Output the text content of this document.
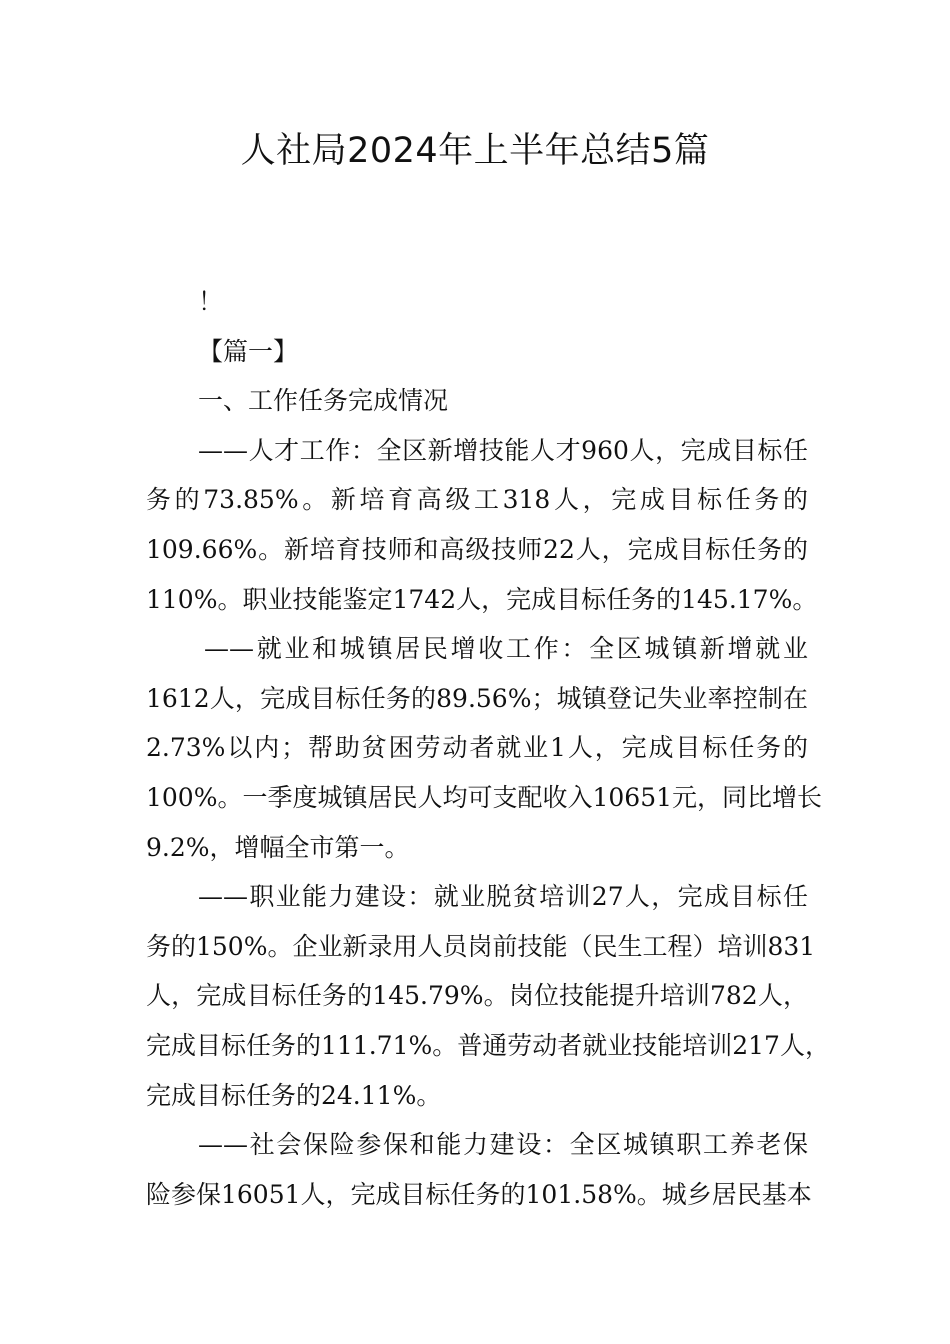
人社局2024年上半年总结5篇
！
【篇一】
一、工作任务完成情况
——人才工作：全区新增技能人才960人，完成目标任
务的73.85%。新培育高级工318人，完成目标任务的
109.66%。新培育技师和高级技师22人，完成目标任务的
110%。职业技能鉴定1742人，完成目标任务的145.17%。
——就业和城镇居民增收工作：全区城镇新增就业
1612人，完成目标任务的89.56%；城镇登记失业率控制在
2.73%以内；帮助贫困劳动者就业1人，完成目标任务的
100%。一季度城镇居民人均可支配收入10651元，同比增长
9.2%，增幅全市第一。
——职业能力建设：就业脱贫培训27人，完成目标任
务的150%。企业新录用人员岗前技能（民生工程）培训831
人，完成目标任务的145.79%。岗位技能提升培训782人，
完成目标任务的111.71%。普通劳动者就业技能培训217人，
完成目标任务的24.11%。
——社会保险参保和能力建设：全区城镇职工养老保
险参保16051人，完成目标任务的101.58%。城乡居民基本
